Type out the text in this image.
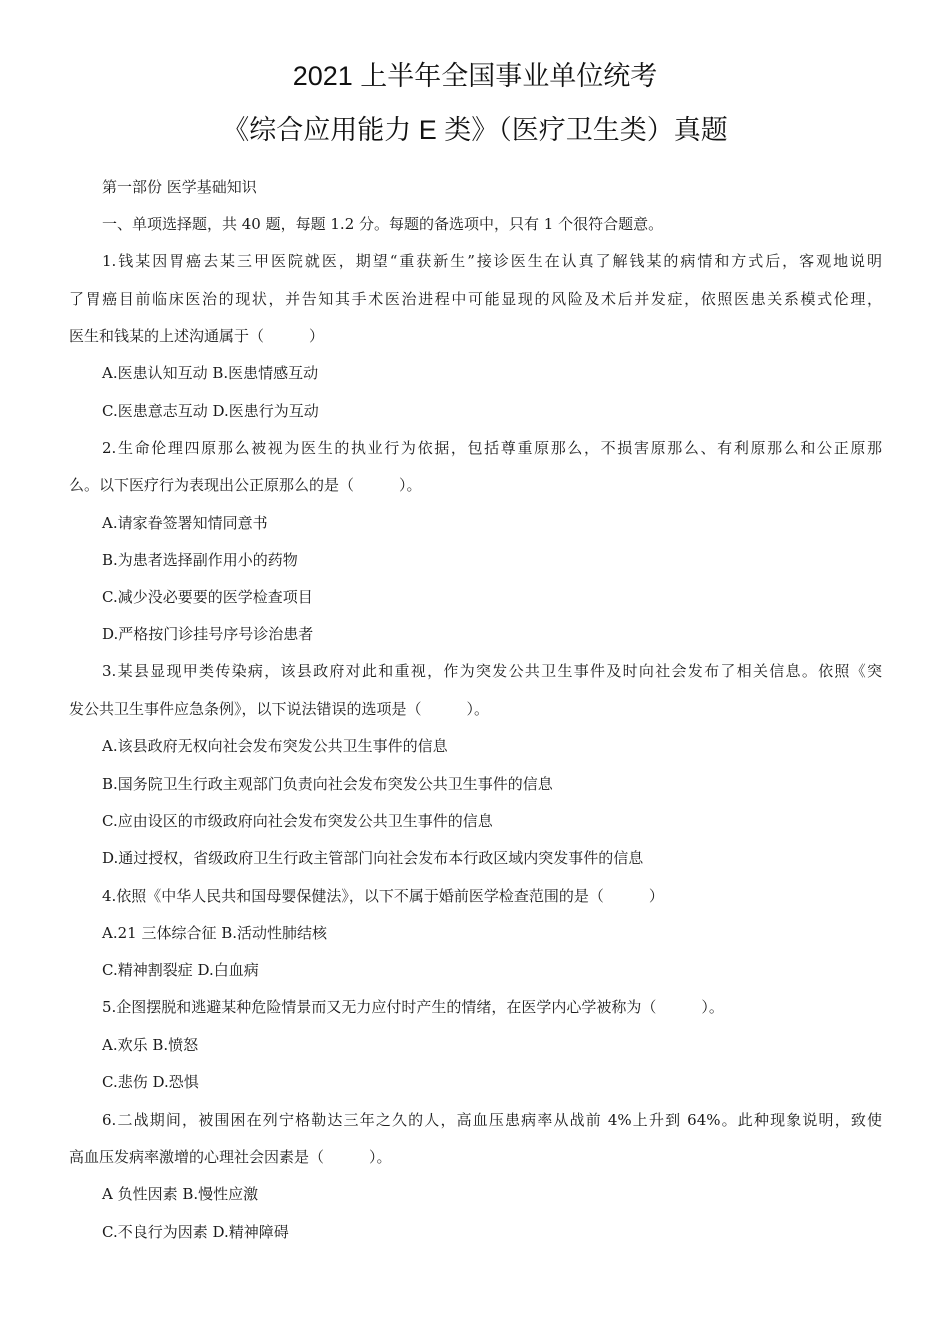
2021 上半年全国事业单位统考
《综合应用能力 E 类》（医疗卫生类）真题
第一部份 医学基础知识
一、单项选择题，共 40 题，每题 1.2 分。每题的备选项中，只有 1 个很符合题意。
1.钱某因胃癌去某三甲医院就医，期望“重获新生”接诊医生在认真了解钱某的病情和方式后，客观地说明
了胃癌目前临床医治的现状，并告知其手术医治进程中可能显现的风险及术后并发症，依照医患关系模式伦理，
医生和钱某的上述沟通属于（　　　）
A.医患认知互动 B.医患情感互动
C.医患意志互动 D.医患行为互动
2.生命伦理四原那么被视为医生的执业行为依据，包括尊重原那么，不损害原那么、有利原那么和公正原那
么。以下医疗行为表现出公正原那么的是（　　　）。
A.请家眷签署知情同意书
B.为患者选择副作用小的药物
C.减少没必要要的医学检查项目
D.严格按门诊挂号序号诊治患者
3.某县显现甲类传染病，该县政府对此和重视，作为突发公共卫生事件及时向社会发布了相关信息。依照《突
发公共卫生事件应急条例》，以下说法错误的选项是（　　　）。
A.该县政府无权向社会发布突发公共卫生事件的信息
B.国务院卫生行政主观部门负责向社会发布突发公共卫生事件的信息
C.应由设区的市级政府向社会发布突发公共卫生事件的信息
D.通过授权，省级政府卫生行政主管部门向社会发布本行政区域内突发事件的信息
4.依照《中华人民共和国母婴保健法》，以下不属于婚前医学检查范围的是（　　　）
A.21 三体综合征 B.活动性肺结核
C.精神割裂症 D.白血病
5.企图摆脱和逃避某种危险情景而又无力应付时产生的情绪，在医学内心学被称为（　　　）。
A.欢乐 B.愤怒
C.悲伤 D.恐惧
6.二战期间，被围困在列宁格勒达三年之久的人，高血压患病率从战前 4%上升到 64%。此种现象说明，致使
高血压发病率激增的心理社会因素是（　　　）。
A 负性因素 B.慢性应激
C.不良行为因素 D.精神障碍
